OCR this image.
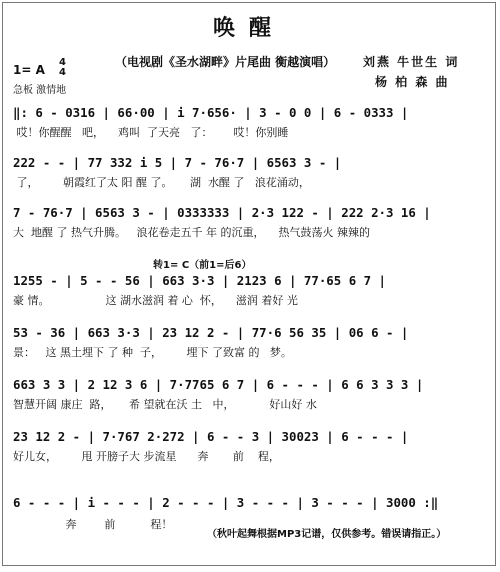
唤醒
（电视剧《圣水湖畔》片尾曲 衡越演唱） 刘燕 牛世生 词
杨 柏 森 曲
1= A
4
4
急板 激情地
‖: 6 - 0316 | 66·00 | i 7·656· | 3 - 0 0 | 6 - 0333 |
哎！你醒醒   吧，    鸡叫  了天亮   了：      哎！你别睡
222 - - | 77 332 i 5 | 7 - 76·7 | 6563 3 - |
了，       朝霞红了太 阳 醒 了。     湖  水醒 了   浪花涌动，
7 - 76·7 | 6563 3 - | 0333333 | 2·3 122 - | 222 2·3 16 |
大  地醒 了 热气升腾。   浪花卷走五千 年 的沉重，    热气鼓荡火 辣辣的
转1= C（前1=后6）
1255 - | 5 - - 56 | 663 3·3 | 2123 6 | 77·65 6 7 |
豪 情。                这 湖水滋润 着 心  怀，    滋润 着好 光
53 - 36 | 663 3·3 | 23 12 2 - | 77·6 56 35 | 06 6 - |
景：   这 黑土埋下 了 种  子，       埋下 了致富 的   梦。
663 3 3 | 2 12 3 6 | 7·7765 6 7 | 6 - - - | 6 6 3 3 3 |
智慧开阔 康庄  路，     希 望就在沃 土   中，          好山好 水
23 12 2 - | 7·767 2·272 | 6 - - 3 | 30023 | 6 - - - |
好儿女，       甩 开膀子大 步流星      奔       前    程，
6 - - - | i - - - | 2 - - - | 3 - - - | 3 - - - | 3000 :‖
奔        前          程！
（秋叶起舞根据MP3记谱，仅供参考。错误请指正。）
